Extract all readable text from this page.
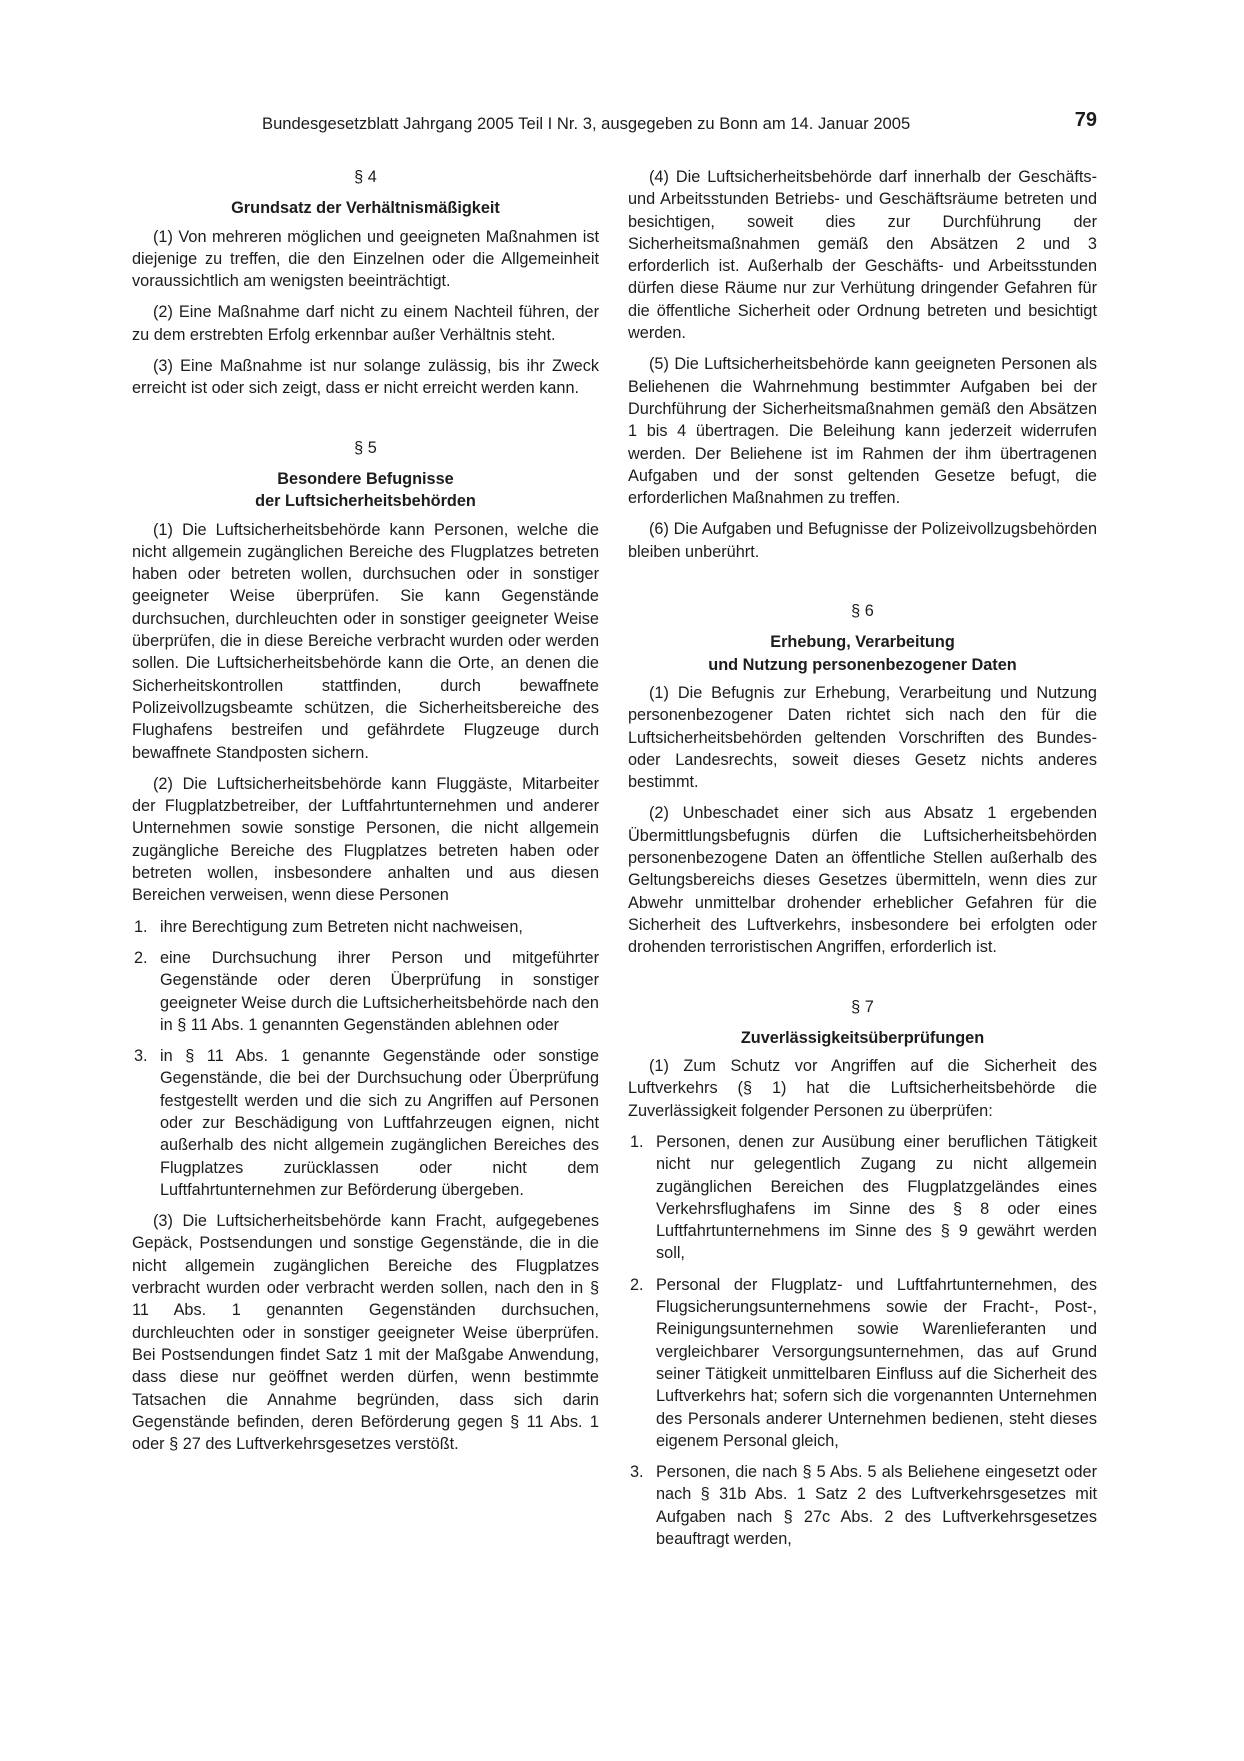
Bundesgesetzblatt Jahrgang 2005 Teil I Nr. 3, ausgegeben zu Bonn am 14. Januar 2005	79
§ 4
Grundsatz der Verhältnismäßigkeit

(1) Von mehreren möglichen und geeigneten Maßnahmen ist diejenige zu treffen, die den Einzelnen oder die Allgemeinheit voraussichtlich am wenigsten beeinträchtigt.

(2) Eine Maßnahme darf nicht zu einem Nachteil führen, der zu dem erstrebten Erfolg erkennbar außer Verhältnis steht.

(3) Eine Maßnahme ist nur solange zulässig, bis ihr Zweck erreicht ist oder sich zeigt, dass er nicht erreicht werden kann.

§ 5
Besondere Befugnisse
der Luftsicherheitsbehörden

(1) Die Luftsicherheitsbehörde kann Personen, welche die nicht allgemein zugänglichen Bereiche des Flugplatzes betreten haben oder betreten wollen, durchsuchen oder in sonstiger geeigneter Weise überprüfen. Sie kann Gegenstände durchsuchen, durchleuchten oder in sonstiger geeigneter Weise überprüfen, die in diese Bereiche verbracht wurden oder werden sollen. Die Luftsicherheitsbehörde kann die Orte, an denen die Sicherheitskontrollen stattfinden, durch bewaffnete Polizeivollzugsbeamte schützen, die Sicherheitsbereiche des Flughafens bestreifen und gefährdete Flugzeuge durch bewaffnete Standposten sichern.

(2) Die Luftsicherheitsbehörde kann Fluggäste, Mitarbeiter der Flugplatzbetreiber, der Luftfahrtunternehmen und anderer Unternehmen sowie sonstige Personen, die nicht allgemein zugängliche Bereiche des Flugplatzes betreten haben oder betreten wollen, insbesondere anhalten und aus diesen Bereichen verweisen, wenn diese Personen

1. ihre Berechtigung zum Betreten nicht nachweisen,
2. eine Durchsuchung ihrer Person und mitgeführter Gegenstände oder deren Überprüfung in sonstiger geeigneter Weise durch die Luftsicherheitsbehörde nach den in § 11 Abs. 1 genannten Gegenständen ablehnen oder
3. in § 11 Abs. 1 genannte Gegenstände oder sonstige Gegenstände, die bei der Durchsuchung oder Überprüfung festgestellt werden und die sich zu Angriffen auf Personen oder zur Beschädigung von Luftfahrzeugen eignen, nicht außerhalb des nicht allgemein zugänglichen Bereiches des Flugplatzes zurücklassen oder nicht dem Luftfahrtunternehmen zur Beförderung übergeben.

(3) Die Luftsicherheitsbehörde kann Fracht, aufgegebenes Gepäck, Postsendungen und sonstige Gegenstände, die in die nicht allgemein zugänglichen Bereiche des Flugplatzes verbracht wurden oder verbracht werden sollen, nach den in § 11 Abs. 1 genannten Gegenständen durchsuchen, durchleuchten oder in sonstiger geeigneter Weise überprüfen. Bei Postsendungen findet Satz 1 mit der Maßgabe Anwendung, dass diese nur geöffnet werden dürfen, wenn bestimmte Tatsachen die Annahme begründen, dass sich darin Gegenstände befinden, deren Beförderung gegen § 11 Abs. 1 oder § 27 des Luftverkehrsgesetzes verstößt.

(4) Die Luftsicherheitsbehörde darf innerhalb der Geschäfts- und Arbeitsstunden Betriebs- und Geschäftsräume betreten und besichtigen, soweit dies zur Durchführung der Sicherheitsmaßnahmen gemäß den Absätzen 2 und 3 erforderlich ist. Außerhalb der Geschäfts- und Arbeitsstunden dürfen diese Räume nur zur Verhütung dringender Gefahren für die öffentliche Sicherheit oder Ordnung betreten und besichtigt werden.

(5) Die Luftsicherheitsbehörde kann geeigneten Personen als Beliehenen die Wahrnehmung bestimmter Aufgaben bei der Durchführung der Sicherheitsmaßnahmen gemäß den Absätzen 1 bis 4 übertragen. Die Beleihung kann jederzeit widerrufen werden. Der Beliehene ist im Rahmen der ihm übertragenen Aufgaben und der sonst geltenden Gesetze befugt, die erforderlichen Maßnahmen zu treffen.

(6) Die Aufgaben und Befugnisse der Polizeivollzugsbehörden bleiben unberührt.

§ 6
Erhebung, Verarbeitung
und Nutzung personenbezogener Daten

(1) Die Befugnis zur Erhebung, Verarbeitung und Nutzung personenbezogener Daten richtet sich nach den für die Luftsicherheitsbehörden geltenden Vorschriften des Bundes- oder Landesrechts, soweit dieses Gesetz nichts anderes bestimmt.

(2) Unbeschadet einer sich aus Absatz 1 ergebenden Übermittlungsbefugnis dürfen die Luftsicherheitsbehörden personenbezogene Daten an öffentliche Stellen außerhalb des Geltungsbereichs dieses Gesetzes übermitteln, wenn dies zur Abwehr unmittelbar drohender erheblicher Gefahren für die Sicherheit des Luftverkehrs, insbesondere bei erfolgten oder drohenden terroristischen Angriffen, erforderlich ist.

§ 7
Zuverlässigkeitsüberprüfungen

(1) Zum Schutz vor Angriffen auf die Sicherheit des Luftverkehrs (§ 1) hat die Luftsicherheitsbehörde die Zuverlässigkeit folgender Personen zu überprüfen:

1. Personen, denen zur Ausübung einer beruflichen Tätigkeit nicht nur gelegentlich Zugang zu nicht allgemein zugänglichen Bereichen des Flugplatzgeländes eines Verkehrsflughafens im Sinne des § 8 oder eines Luftfahrtunternehmens im Sinne des § 9 gewährt werden soll,
2. Personal der Flugplatz- und Luftfahrtunternehmen, des Flugsicherungsunternehmens sowie der Fracht-, Post-, Reinigungsunternehmen sowie Warenlieferanten und vergleichbarer Versorgungsunternehmen, das auf Grund seiner Tätigkeit unmittelbaren Einfluss auf die Sicherheit des Luftverkehrs hat; sofern sich die vorgenannten Unternehmen des Personals anderer Unternehmen bedienen, steht dieses eigenem Personal gleich,
3. Personen, die nach § 5 Abs. 5 als Beliehene eingesetzt oder nach § 31b Abs. 1 Satz 2 des Luftverkehrsgesetzes mit Aufgaben nach § 27c Abs. 2 des Luftverkehrsgesetzes beauftragt werden,
